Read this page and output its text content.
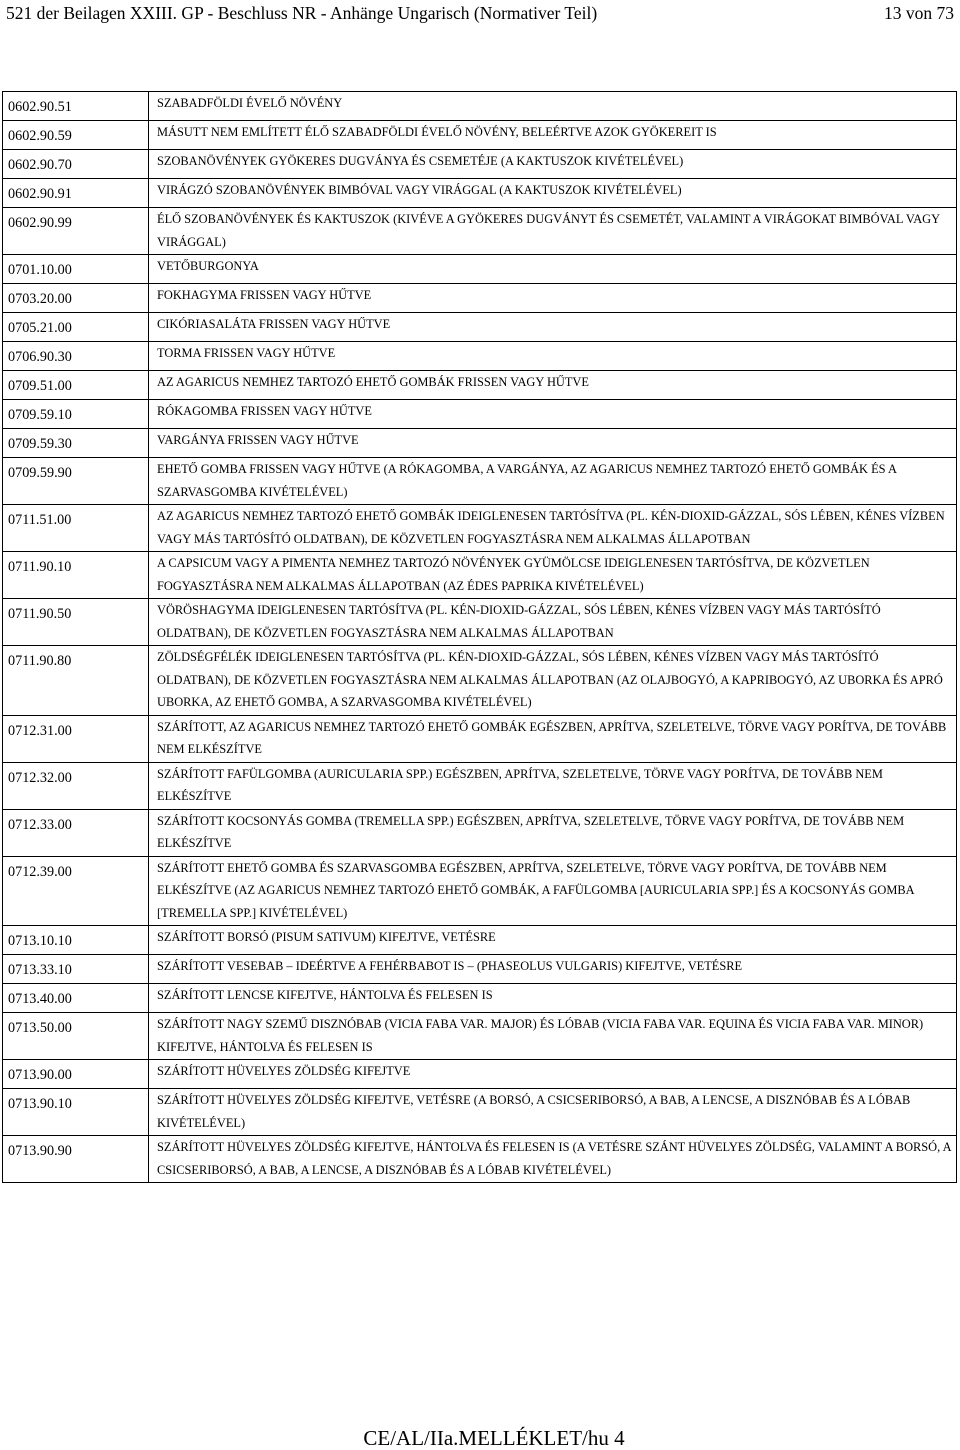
521 der Beilagen XXIII. GP - Beschluss NR - Anhänge Ungarisch (Normativer Teil)	13 von 73
0602.90.51	SZABADFÖLDI ÉVELŐ NÖVÉNY
0602.90.59	MÁSUTT NEM EMLÍTETT ÉLŐ SZABADFÖLDI ÉVELŐ NÖVÉNY, BELEÉRTVE AZOK GYÖKEREIT IS
0602.90.70	SZOBANÖVÉNYEK GYÖKERES DUGVÁNYA ÉS CSEMETÉJE (A KAKTUSZOK KIVÉTELÉVEL)
0602.90.91	VIRÁGZÓ SZOBANÖVÉNYEK BIMBÓVAL VAGY VIRÁGGAL (A KAKTUSZOK KIVÉTELÉVEL)
0602.90.99	ÉLŐ SZOBANÖVÉNYEK ÉS KAKTUSZOK (KIVÉVE A GYÖKERES DUGVÁNYT ÉS CSEMETÉT, VALAMINT A VIRÁGOKAT BIMBÓVAL VAGY VIRÁGGAL)
0701.10.00	VETŐBURGONYA
0703.20.00	FOKHAGYMA FRISSEN VAGY HŰTVE
0705.21.00	CIKÓRIASALÁTA FRISSEN VAGY HŰTVE
0706.90.30	TORMA FRISSEN VAGY HŰTVE
0709.51.00	AZ AGARICUS NEMHEZ TARTOZÓ EHETŐ GOMBÁK FRISSEN VAGY HŰTVE
0709.59.10	RÓKAGOMBA FRISSEN VAGY HŰTVE
0709.59.30	VARGÁNYA FRISSEN VAGY HŰTVE
0709.59.90	EHETŐ GOMBA FRISSEN VAGY HŰTVE (A RÓKAGOMBA, A VARGÁNYA, AZ AGARICUS NEMHEZ TARTOZÓ EHETŐ GOMBÁK ÉS A SZARVASGOMBA KIVÉTELÉVEL)
0711.51.00	AZ AGARICUS NEMHEZ TARTOZÓ EHETŐ GOMBÁK IDEIGLENESEN TARTÓSÍTVA (PL. KÉN-DIOXID-GÁZZAL, SÓS LÉBEN, KÉNES VÍZBEN VAGY MÁS TARTÓSÍTÓ OLDATBAN), DE KÖZVETLEN FOGYASZTÁSRA NEM ALKALMAS ÁLLAPOTBAN
0711.90.10	A CAPSICUM VAGY A PIMENTA NEMHEZ TARTOZÓ NÖVÉNYEK GYÜMÖLCSE IDEIGLENESEN TARTÓSÍTVA, DE KÖZVETLEN FOGYASZTÁSRA NEM ALKALMAS ÁLLAPOTBAN (AZ ÉDES PAPRIKA KIVÉTELÉVEL)
0711.90.50	VÖRÖSHAGYMA IDEIGLENESEN TARTÓSÍTVA (PL. KÉN-DIOXID-GÁZZAL, SÓS LÉBEN, KÉNES VÍZBEN VAGY MÁS TARTÓSÍTÓ OLDATBAN), DE KÖZVETLEN FOGYASZTÁSRA NEM ALKALMAS ÁLLAPOTBAN
0711.90.80	ZÖLDSÉGFÉLÉK IDEIGLENESEN TARTÓSÍTVA (PL. KÉN-DIOXID-GÁZZAL, SÓS LÉBEN, KÉNES VÍZBEN VAGY MÁS TARTÓSÍTÓ OLDATBAN), DE KÖZVETLEN FOGYASZTÁSRA NEM ALKALMAS ÁLLAPOTBAN (AZ OLAJBOGYÓ, A KAPRIBOGYÓ, AZ UBORKA ÉS APRÓ UBORKA, AZ EHETŐ GOMBA, A SZARVASGOMBA KIVÉTELÉVEL)
0712.31.00	SZÁRÍTOTT, AZ AGARICUS NEMHEZ TARTOZÓ EHETŐ GOMBÁK EGÉSZBEN, APRÍTVA, SZELETELVE, TÖRVE VAGY PORÍTVA, DE TOVÁBB NEM ELKÉSZÍTVE
0712.32.00	SZÁRÍTOTT FAFÜLGOMBA (AURICULARIA SPP.) EGÉSZBEN, APRÍTVA, SZELETELVE, TÖRVE VAGY PORÍTVA, DE TOVÁBB NEM ELKÉSZÍTVE
0712.33.00	SZÁRÍTOTT KOCSONYÁS GOMBA (TREMELLA SPP.) EGÉSZBEN, APRÍTVA, SZELETELVE, TÖRVE VAGY PORÍTVA, DE TOVÁBB NEM ELKÉSZÍTVE
0712.39.00	SZÁRÍTOTT EHETŐ GOMBA ÉS SZARVASGOMBA EGÉSZBEN, APRÍTVA, SZELETELVE, TÖRVE VAGY PORÍTVA, DE TOVÁBB NEM ELKÉSZÍTVE (AZ AGARICUS NEMHEZ TARTOZÓ EHETŐ GOMBÁK, A FAFÜLGOMBA [AURICULARIA SPP.] ÉS A KOCSONYÁS GOMBA [TREMELLA SPP.] KIVÉTELÉVEL)
0713.10.10	SZÁRÍTOTT BORSÓ (PISUM SATIVUM) KIFEJTVE, VETÉSRE
0713.33.10	SZÁRÍTOTT VESEBAB – IDEÉRTVE A FEHÉRBABOT IS – (PHASEOLUS VULGARIS) KIFEJTVE, VETÉSRE
0713.40.00	SZÁRÍTOTT LENCSE KIFEJTVE, HÁNTOLVA ÉS FELESEN IS
0713.50.00	SZÁRÍTOTT NAGY SZEMŰ DISZNÓBAB (VICIA FABA VAR. MAJOR) ÉS LÓBAB (VICIA FABA VAR. EQUINA ÉS VICIA FABA VAR. MINOR) KIFEJTVE, HÁNTOLVA ÉS FELESEN IS
0713.90.00	SZÁRÍTOTT HÜVELYES ZÖLDSÉG KIFEJTVE
0713.90.10	SZÁRÍTOTT HÜVELYES ZÖLDSÉG KIFEJTVE, VETÉSRE (A BORSÓ, A CSICSERIBORSÓ, A BAB, A LENCSE, A DISZNÓBAB ÉS A LÓBAB KIVÉTELÉVEL)
0713.90.90	SZÁRÍTOTT HÜVELYES ZÖLDSÉG KIFEJTVE, HÁNTOLVA ÉS FELESEN IS (A VETÉSRE SZÁNT HÜVELYES ZÖLDSÉG, VALAMINT A BORSÓ, A CSICSERIBORSÓ, A BAB, A LENCSE, A DISZNÓBAB ÉS A LÓBAB KIVÉTELÉVEL)
CE/AL/IIa.MELLÉKLET/hu 4
